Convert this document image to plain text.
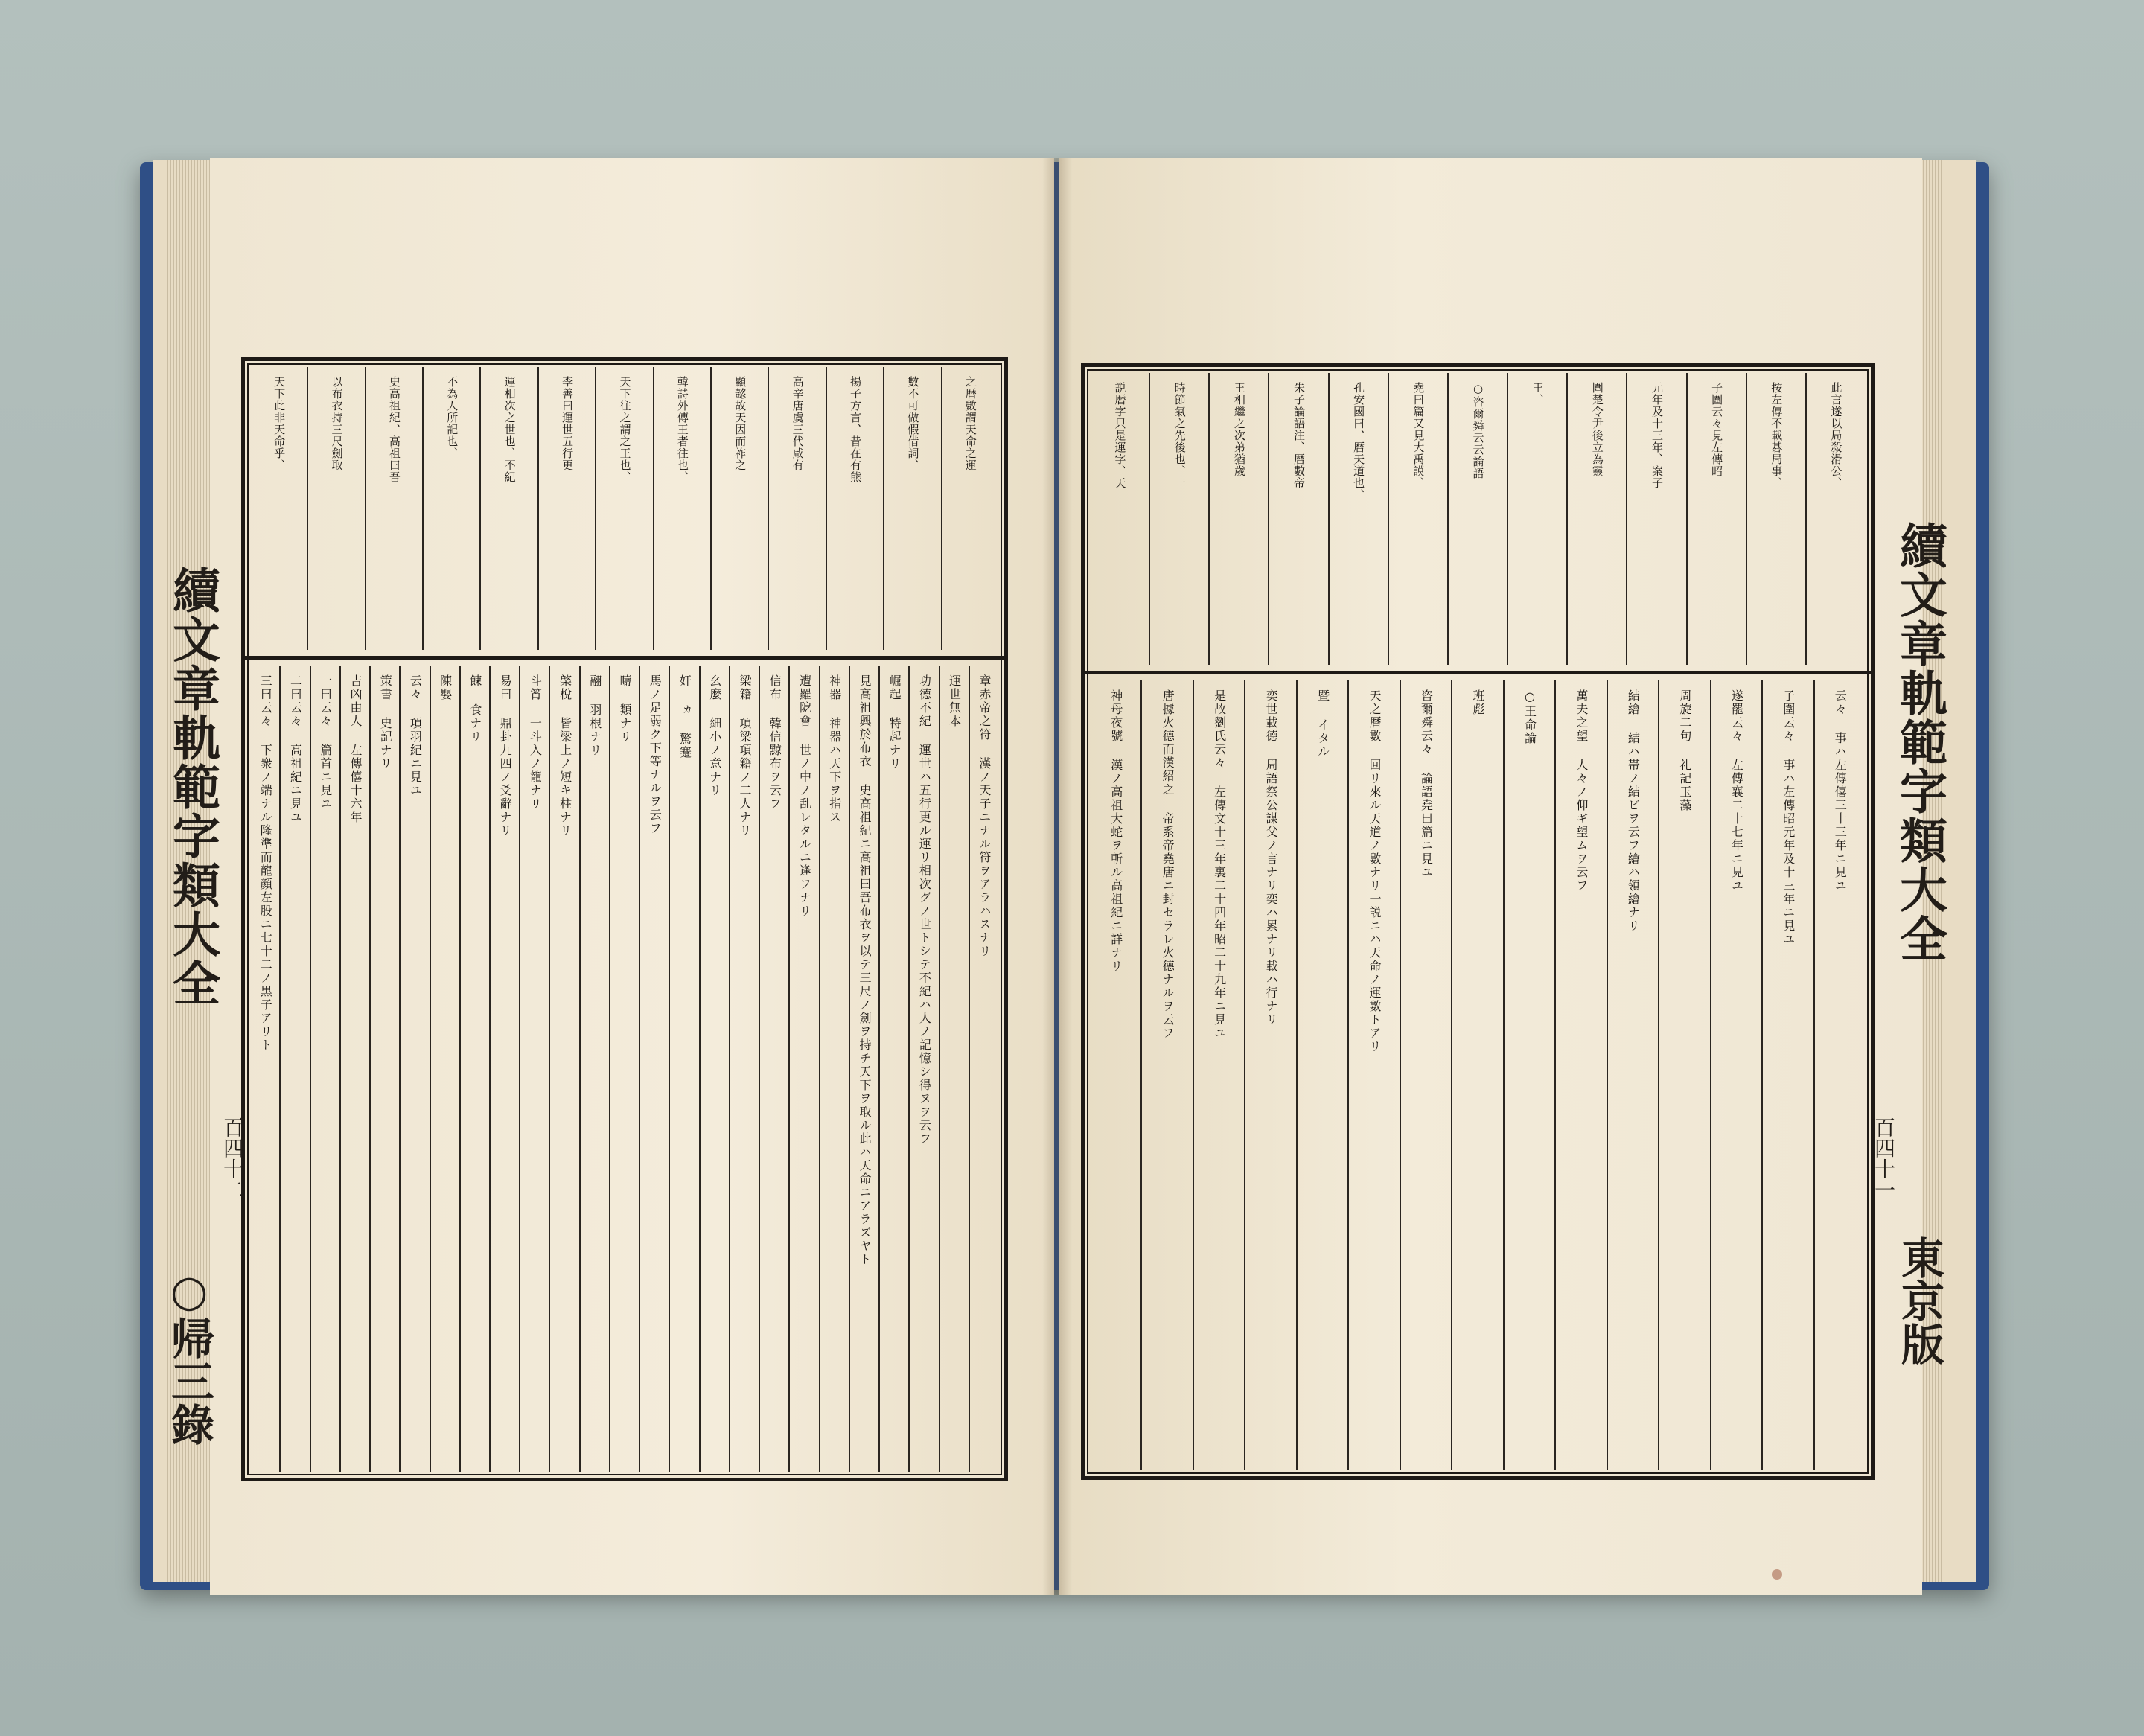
之暦數謂天命之運
數不可做假借詞、
揚子方言、昔在有熊
高辛唐虞三代咸有
顯懿故天因而祚之
韓詩外傳王者往也、
天下往之謂之王也、
李善曰運世五行更
運相次之世也、不紀
不為人所記也、
史高祖紀、高祖曰吾
以布衣持三尺劍取
天下此非天命乎、
章赤帝之符 漢ノ天子ニナル符ヲアラハスナリ
運世無本
功德不紀 運世ハ五行更ル運リ相次グノ世トシテ不紀ハ人ノ記憶シ得ヌヲ云フ
崛起 特起ナリ
見高祖興於布衣 史高祖紀ニ高祖曰吾布衣ヲ以テ三尺ノ劍ヲ持チ天下ヲ取ル此ハ天命ニアラズヤト
神器 神器ハ天下ヲ指ス
遭羅阸會 世ノ中ノ乱レタルニ逢フナリ
信布 韓信黥布ヲ云フ
梁籍 項梁項籍ノ二人ナリ
幺麼 細小ノ意ナリ
奸 ヵ 驚蹇
馬ノ足弱ク下等ナルヲ云フ
疇 類ナリ
翮 羽根ナリ
棨梲 皆梁上ノ短キ柱ナリ
斗筲 一斗入ノ籠ナリ
易曰 鼎卦九四ノ爻辭ナリ
餗 食ナリ
陳嬰
云々 項羽紀ニ見ユ
策書 史記ナリ
吉凶由人 左傳僖十六年
一曰云々 篇首ニ見ユ
二曰云々 高祖紀ニ見ユ
三曰云々 下衆ノ端ナル隆準而龍顔左股ニ七十二ノ黒子アリト
續文章軌範字類大全
百四十二
○帰三錄
此言遂以局殺滑公、
按左傳不載碁局事、
子圍云々見左傳昭
元年及十三年、案子
圍楚令尹後立為靈
王、
○咨爾舜云云論語
堯曰篇又見大禹謨、
孔安國曰、暦天道也、
朱子論語注、暦數帝
王相繼之次弟猶歲
時節氣之先後也、一
説暦字只是運字、天
云々 事ハ左傳僖三十三年ニ見ユ
子圍云々 事ハ左傳昭元年及十三年ニ見ユ
遂罷云々 左傳襄二十七年ニ見ユ
周旋二句 礼記玉藻
結繪 結ハ帯ノ結ビヲ云フ繪ハ領繪ナリ
萬夫之望 人々ノ仰ギ望ムヲ云フ
○王命論
班彪
咨爾舜云々 論語堯曰篇ニ見ユ
天之暦數 回リ來ル天道ノ數ナリ一説ニハ天命ノ運數トアリ
暨 イタル
奕世載德 周語祭公謀父ノ言ナリ奕ハ累ナリ載ハ行ナリ
是故劉氏云々 左傳文十三年裏二十四年昭二十九年ニ見ユ
唐據火德而漢紹之 帝系帝堯唐ニ封セラレ火德ナルヲ云フ
神母夜號 漢ノ高祖大蛇ヲ斬ル高祖紀ニ詳ナリ	續文章軌範字類大全
百四十一
東京版
